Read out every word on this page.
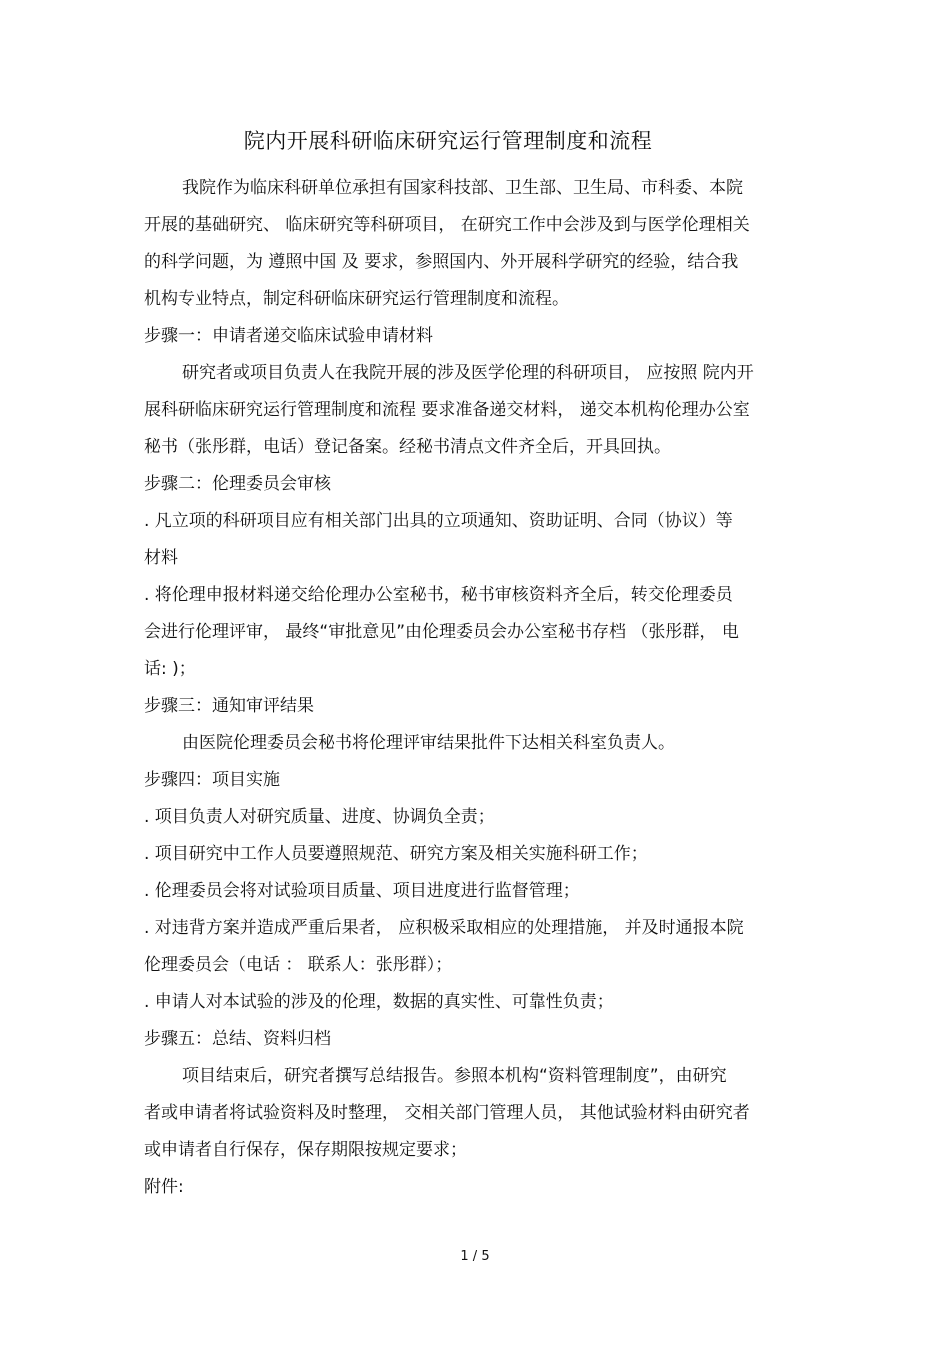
院内开展科研临床研究运行管理制度和流程

我院作为临床科研单位承担有国家科技部、卫生部、卫生局、市科委、本院

开展的基础研究、 临床研究等科研项目， 在研究工作中会涉及到与医学伦理相关

的科学问题，为 遵照中国 及 要求，参照国内、外开展科学研究的经验，结合我

机构专业特点，制定科研临床研究运行管理制度和流程。

步骤一：申请者递交临床试验申请材料

研究者或项目负责人在我院开展的涉及医学伦理的科研项目， 应按照 院内开

展科研临床研究运行管理制度和流程 要求准备递交材料， 递交本机构伦理办公室

秘书（张彤群，电话）登记备案。经秘书清点文件齐全后，开具回执。

步骤二：伦理委员会审核

. 凡立项的科研项目应有相关部门出具的立项通知、资助证明、合同（协议）等

材料

. 将伦理申报材料递交给伦理办公室秘书，秘书审核资料齐全后，转交伦理委员

会进行伦理评审， 最终“审批意见”由伦理委员会办公室秘书存档 （张彤群， 电

话: )；

步骤三：通知审评结果

由医院伦理委员会秘书将伦理评审结果批件下达相关科室负责人。

步骤四：项目实施

. 项目负责人对研究质量、进度、协调负全责；

. 项目研究中工作人员要遵照规范、研究方案及相关实施科研工作；

. 伦理委员会将对试验项目质量、项目进度进行监督管理；

. 对违背方案并造成严重后果者， 应积极采取相应的处理措施， 并及时通报本院

伦理委员会（电话 ： 联系人：张彤群）；

. 申请人对本试验的涉及的伦理，数据的真实性、可靠性负责；

步骤五：总结、资料归档

项目结束后，研究者撰写总结报告。参照本机构“资料管理制度”，由研究

者或申请者将试验资料及时整理， 交相关部门管理人员， 其他试验材料由研究者

或申请者自行保存，保存期限按规定要求；

附件:

1 / 5
